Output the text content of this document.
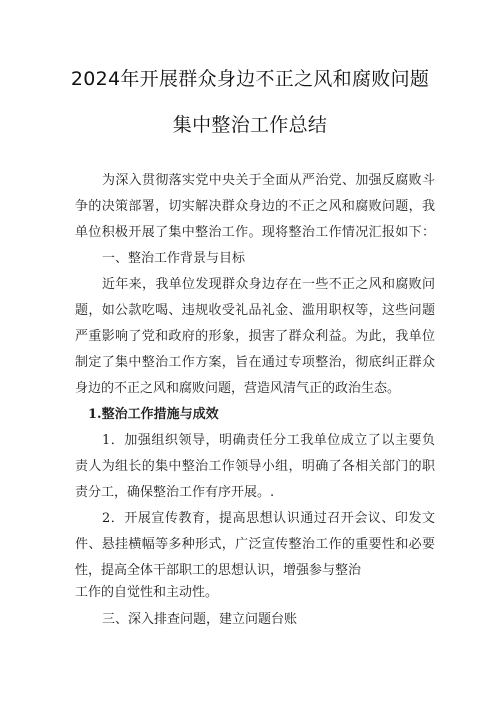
2024年开展群众身边不正之风和腐败问题
集中整治工作总结
为深入贯彻落实党中央关于全面从严治党、加强反腐败斗
争的决策部署，切实解决群众身边的不正之风和腐败问题，我
单位积极开展了集中整治工作。现将整治工作情况汇报如下：
一、整治工作背景与目标
近年来，我单位发现群众身边存在一些不正之风和腐败问
题，如公款吃喝、违规收受礼品礼金、滥用职权等，这些问题
严重影响了党和政府的形象，损害了群众利益。为此，我单位
制定了集中整治工作方案，旨在通过专项整治，彻底纠正群众
身边的不正之风和腐败问题，营造风清气正的政治生态。
1.整治工作措施与成效
1．加强组织领导，明确责任分工我单位成立了以主要负
责人为组长的集中整治工作领导小组，明确了各相关部门的职
责分工，确保整治工作有序开展。.
2．开展宣传教育，提高思想认识通过召开会议、印发文
件、悬挂横幅等多种形式，广泛宣传整治工作的重要性和必要
性，提高全体干部职工的思想认识，增强参与整治
工作的自觉性和主动性。
三、深入排查问题，建立问题台账
